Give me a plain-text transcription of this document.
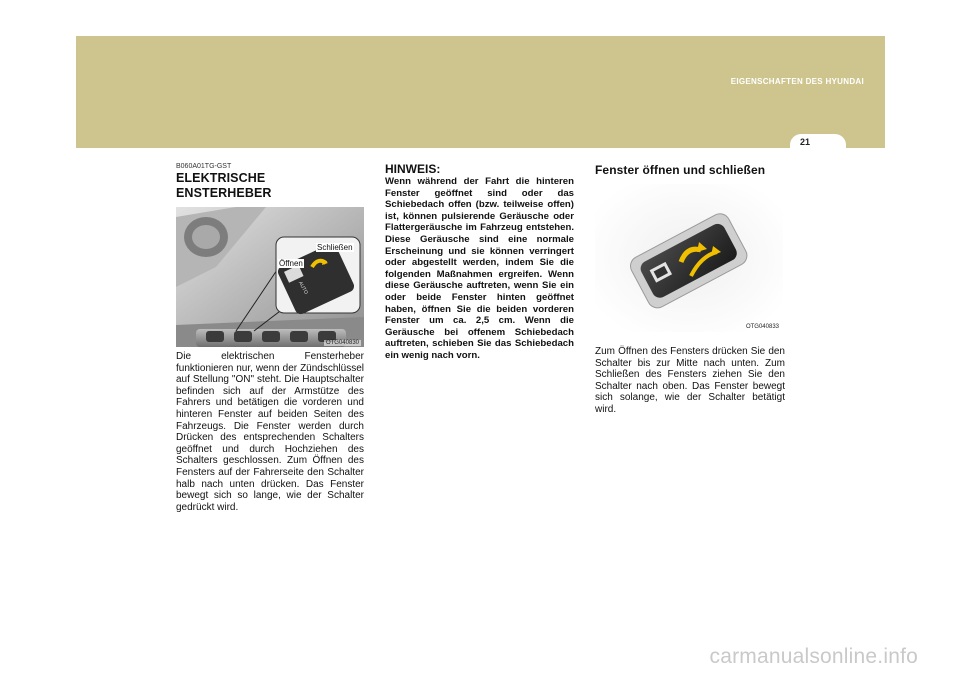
EIGENSCHAFTEN DES HYUNDAI 1
21

B060A01TG-GST

ELEKTRISCHE ENSTERHEBER
Schließen
Öffnen
AUTO
OTG040830

Die elektrischen Fensterheber funktionieren nur, wenn der Zündschlüssel auf Stellung "ON" steht. Die Hauptschalter befinden sich auf der Armstütze des Fahrers und betätigen die vorderen und hinteren Fenster auf beiden Seiten des Fahrzeugs. Die Fenster werden durch Drücken des entsprechenden Schalters geöffnet und durch Hochziehen des Schalters geschlossen. Zum Öffnen des Fensters auf der Fahrerseite den Schalter halb nach unten drücken. Das Fenster bewegt sich so lange, wie der Schalter gedrückt wird.

HINWEIS:

Wenn während der Fahrt die hinteren Fenster geöffnet sind oder das Schiebedach offen (bzw. teilweise offen) ist, können pulsierende Geräusche oder Flattergeräusche im Fahrzeug entstehen. Diese Geräusche sind eine normale Erscheinung und sie können verringert oder abgestellt werden, indem Sie die folgenden Maßnahmen ergreifen. Wenn diese Geräusche auftreten, wenn Sie ein oder beide Fenster hinten geöffnet haben, öffnen Sie die beiden vorderen Fenster um ca. 2,5 cm. Wenn die Geräusche bei offenem Schiebedach auftreten, schieben Sie das Schiebedach ein wenig nach vorn.

Fenster öffnen und schließen
OTG040833

Zum Öffnen des Fensters drücken Sie den Schalter bis zur Mitte nach unten. Zum Schließen des Fensters ziehen Sie den Schalter nach oben. Das Fenster bewegt sich solange, wie der Schalter betätigt wird.

carmanualsonline.info
